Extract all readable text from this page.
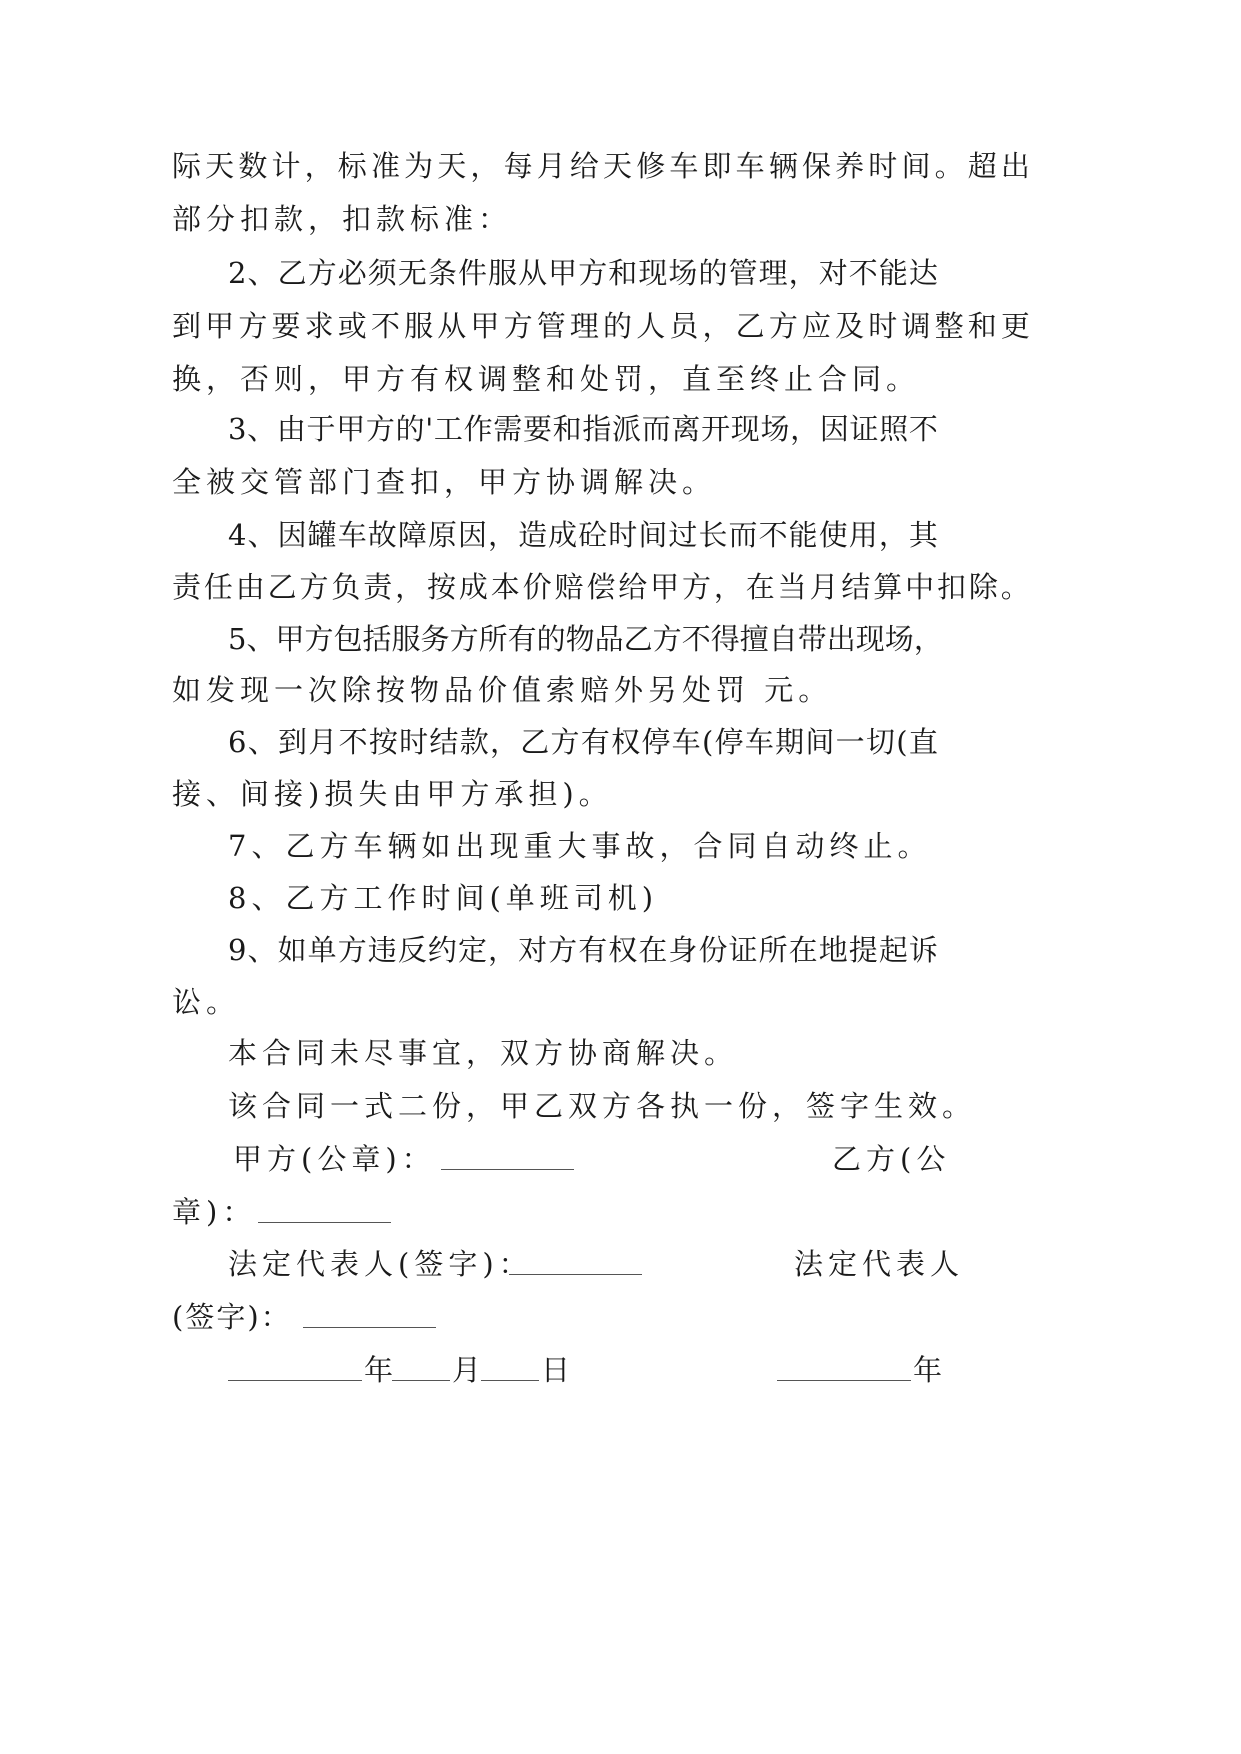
际 天 数 计 ， 标 准 为 天 ， 每 月 给 天 修 车 即 车 辆 保 养 时 间 。 超 出
部分扣款，扣款标准：
2 、 乙 方 必 须 无 条 件 服 从 甲 方 和 现 场 的 管 理 ， 对 不 能 达
到 甲 方 要 求 或 不 服 从 甲 方 管 理 的 人 员 ， 乙 方 应 及 时 调 整 和 更
换，否则，甲方有权调整和处罚，直至终止合同。
3 、 由 于 甲 方 的 ' 工 作 需 要 和 指 派 而 离 开 现 场 ， 因 证 照 不
全被交管部门查扣，甲方协调解决。
4 、 因 罐 车 故 障 原 因 ， 造 成 砼 时 间 过 长 而 不 能 使 用 ， 其
责 任 由 乙 方 负 责 ， 按 成 本 价 赔 偿 给 甲 方 ， 在 当 月 结 算 中 扣 除 。
5 、 甲 方 包 括 服 务 方 所 有 的 物 品 乙 方 不 得 擅 自 带 出 现 场 ，
如发现一次除按物品价值索赔外另处罚 元。
6 、 到 月 不 按 时 结 款 ， 乙 方 有 权 停 车 ( 停 车 期 间 一 切 ( 直
接、间接)损失由甲方承担)。
7、乙方车辆如出现重大事故，合同自动终止。
8、乙方工作时间(单班司机)
9 、 如 单 方 违 反 约 定 ， 对 方 有 权 在 身 份 证 所 在 地 提 起 诉
讼。
本合同未尽事宜，双方协商解决。
该合同一式二份，甲乙双方各执一份，签字生效。
甲方(公章)：	乙方(公
章)：
法定代表人(签字)：	法定代表人
(签字)：
年 月 日	年
